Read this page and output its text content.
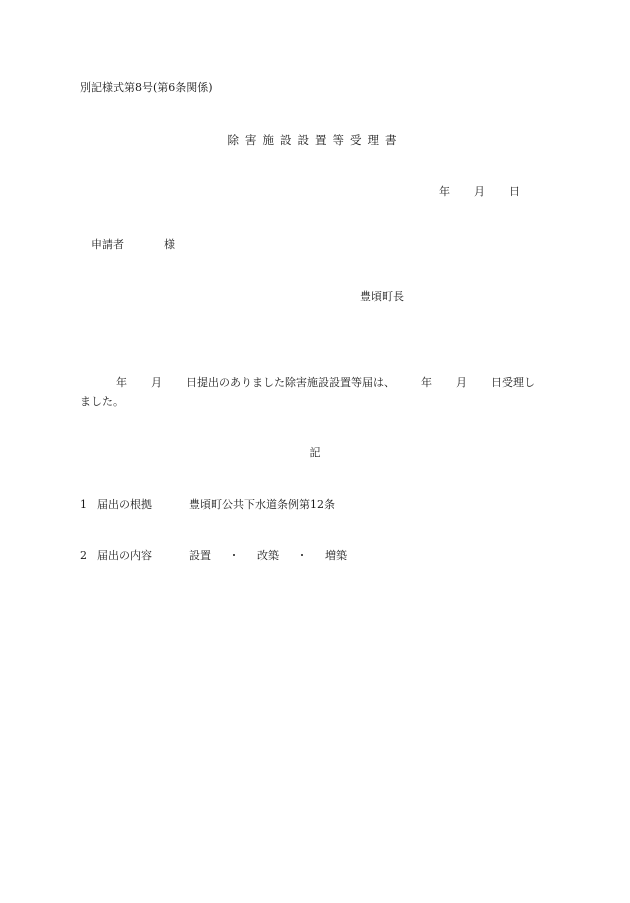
別記様式第8号(第6条関係)
除害施設設置等受理書
年 月 日
申請者	様
豊頃町長
年 月 日提出のありました除害施設設置等届は、 年 月 日受理し
ました。
記
1 届出の根拠	豊頃町公共下水道条例第12条
2 届出の内容	設置 ・ 改築 ・ 増築
